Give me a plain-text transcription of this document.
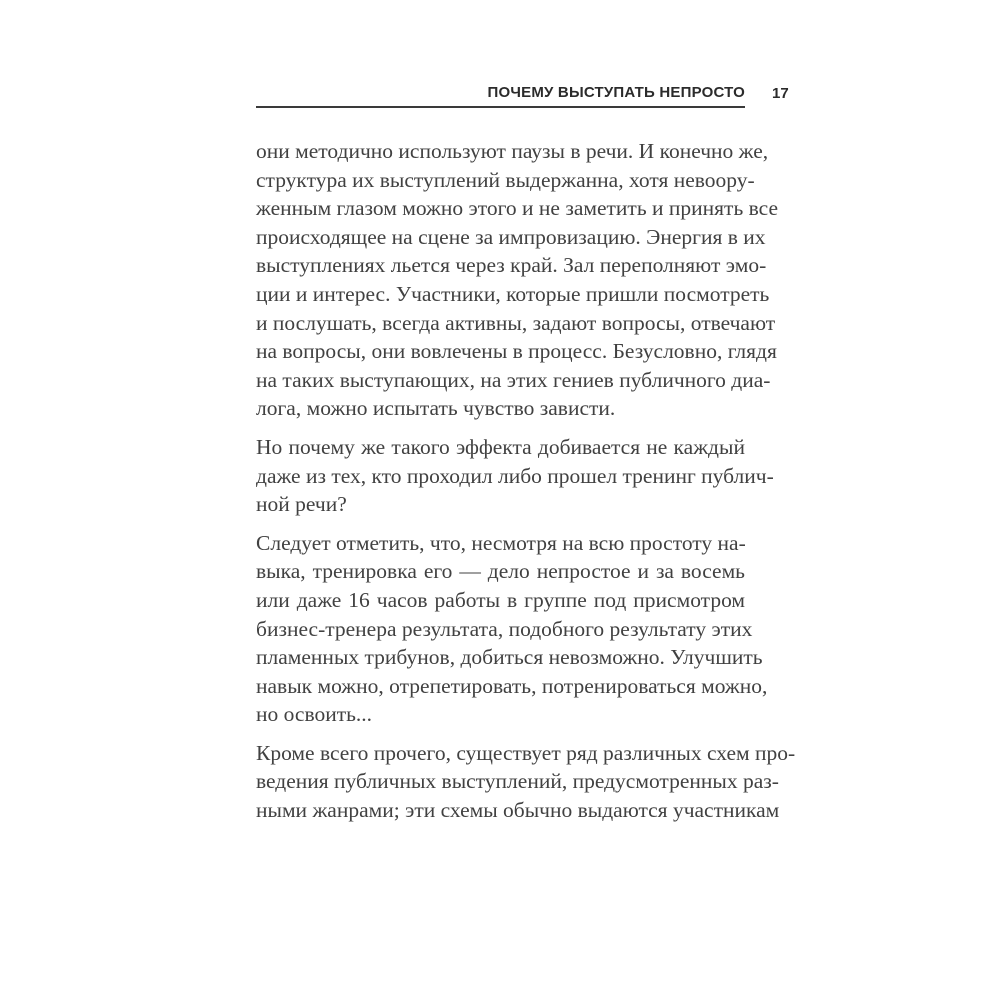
17
ПОЧЕМУ ВЫСТУПАТЬ НЕПРОСТО

они методично используют паузы в речи. И конечно же,
структура их выступлений выдержанна, хотя невоору-
женным глазом можно этого и не заметить и принять все
происходящее на сцене за импровизацию. Энергия в их
выступлениях льется через край. Зал переполняют эмо-
ции и интерес. Участники, которые пришли посмотреть
и послушать, всегда активны, задают вопросы, отвечают
на вопросы, они вовлечены в процесс. Безусловно, глядя
на таких выступающих, на этих гениев публичного диа-
лога, можно испытать чувство зависти.

Но почему же такого эффекта добивается не каждый
даже из тех, кто проходил либо прошел тренинг публич-
ной речи?

Следует отметить, что, несмотря на всю простоту на-
выка, тренировка его — дело непростое и за восемь
или даже 16 часов работы в группе под присмотром
бизнес-тренера результата, подобного результату этих
пламенных трибунов, добиться невозможно. Улучшить
навык можно, отрепетировать, потренироваться можно,
но освоить...

Кроме всего прочего, существует ряд различных схем про-
ведения публичных выступлений, предусмотренных раз-
ными жанрами; эти схемы обычно выдаются участникам
